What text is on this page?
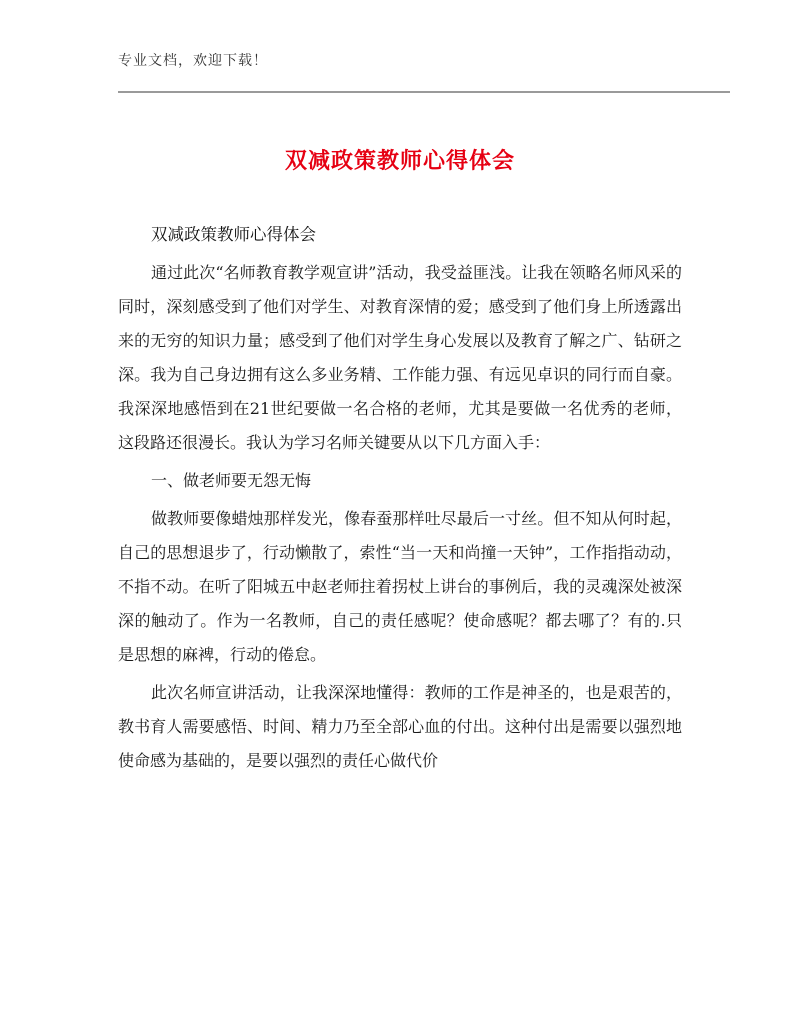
专业文档，欢迎下载！
双减政策教师心得体会

双减政策教师心得体会

通过此次“名师教育教学观宣讲”活动，我受益匪浅。让我在领略名师风采的同时，深刻感受到了他们对学生、对教育深情的爱；感受到了他们身上所透露出来的无穷的知识力量；感受到了他们对学生身心发展以及教育了解之广、钻研之深。我为自己身边拥有这么多业务精、工作能力强、有远见卓识的同行而自豪。我深深地感悟到在21世纪要做一名合格的老师，尤其是要做一名优秀的老师，这段路还很漫长。我认为学习名师关键要从以下几方面入手：

一、做老师要无怨无悔

做教师要像蜡烛那样发光，像春蚕那样吐尽最后一寸丝。但不知从何时起，自己的思想退步了，行动懒散了，索性“当一天和尚撞一天钟”，工作指指动动，不指不动。在听了阳城五中赵老师拄着拐杖上讲台的事例后，我的灵魂深处被深深的触动了。作为一名教师，自己的责任感呢？使命感呢？都去哪了？有的.只是思想的麻裨，行动的倦怠。

此次名师宣讲活动，让我深深地懂得：教师的工作是神圣的，也是艰苦的，教书育人需要感悟、时间、精力乃至全部心血的付出。这种付出是需要以强烈地使命感为基础的，是要以强烈的责任心做代价
